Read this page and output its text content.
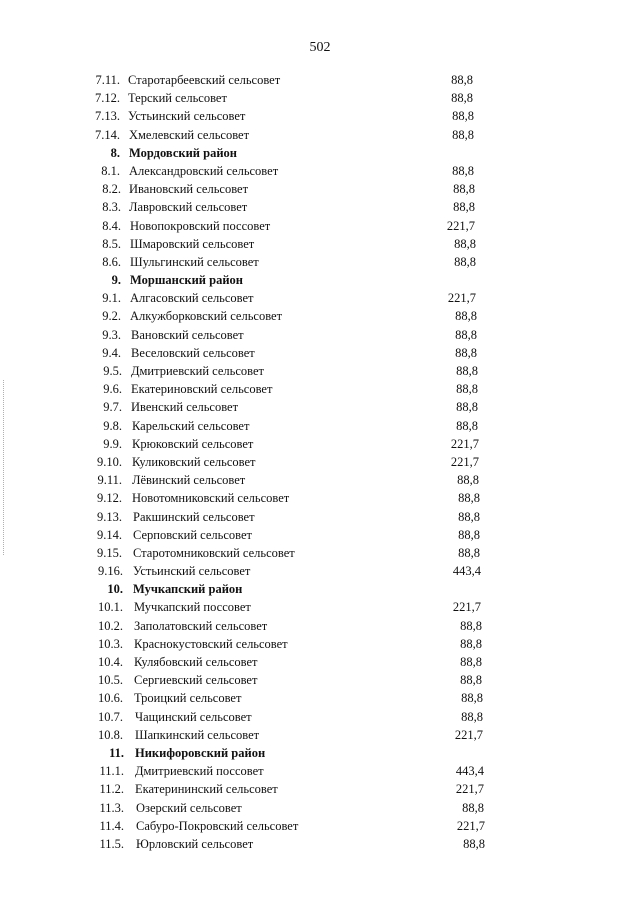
502
7.11. Старотарбеевский сельсовет	88,8
7.12. Терский сельсовет	88,8
7.13. Устьинский сельсовет	88,8
7.14. Хмелевский сельсовет	88,8
8. Мордовский район
8.1. Александровский сельсовет	88,8
8.2. Ивановский сельсовет	88,8
8.3. Лавровский сельсовет	88,8
8.4. Новопокровский поссовет	221,7
8.5. Шмаровский сельсовет	88,8
8.6. Шульгинский сельсовет	88,8
9. Моршанский район
9.1. Алгасовский сельсовет	221,7
9.2. Алкужборковский сельсовет	88,8
9.3. Вановский сельсовет	88,8
9.4. Веселовский сельсовет	88,8
9.5. Дмитриевский сельсовет	88,8
9.6. Екатериновский сельсовет	88,8
9.7. Ивенский сельсовет	88,8
9.8. Карельский сельсовет	88,8
9.9. Крюковский сельсовет	221,7
9.10. Куликовский сельсовет	221,7
9.11. Лёвинский сельсовет	88,8
9.12. Новотомниковский сельсовет	88,8
9.13. Ракшинский сельсовет	88,8
9.14. Серповский сельсовет	88,8
9.15. Старотомниковский сельсовет	88,8
9.16. Устьинский сельсовет	443,4
10. Мучкапский район
10.1. Мучкапский поссовет	221,7
10.2. Заполатовский сельсовет	88,8
10.3. Краснокустовский сельсовет	88,8
10.4. Кулябовский сельсовет	88,8
10.5. Сергиевский сельсовет	88,8
10.6. Троицкий сельсовет	88,8
10.7. Чащинский сельсовет	88,8
10.8. Шапкинский сельсовет	221,7
11. Никифоровский район
11.1. Дмитриевский поссовет	443,4
11.2. Екатерининский сельсовет	221,7
11.3. Озерский сельсовет	88,8
11.4. Сабуро-Покровский сельсовет	221,7
11.5. Юрловский сельсовет	88,8
